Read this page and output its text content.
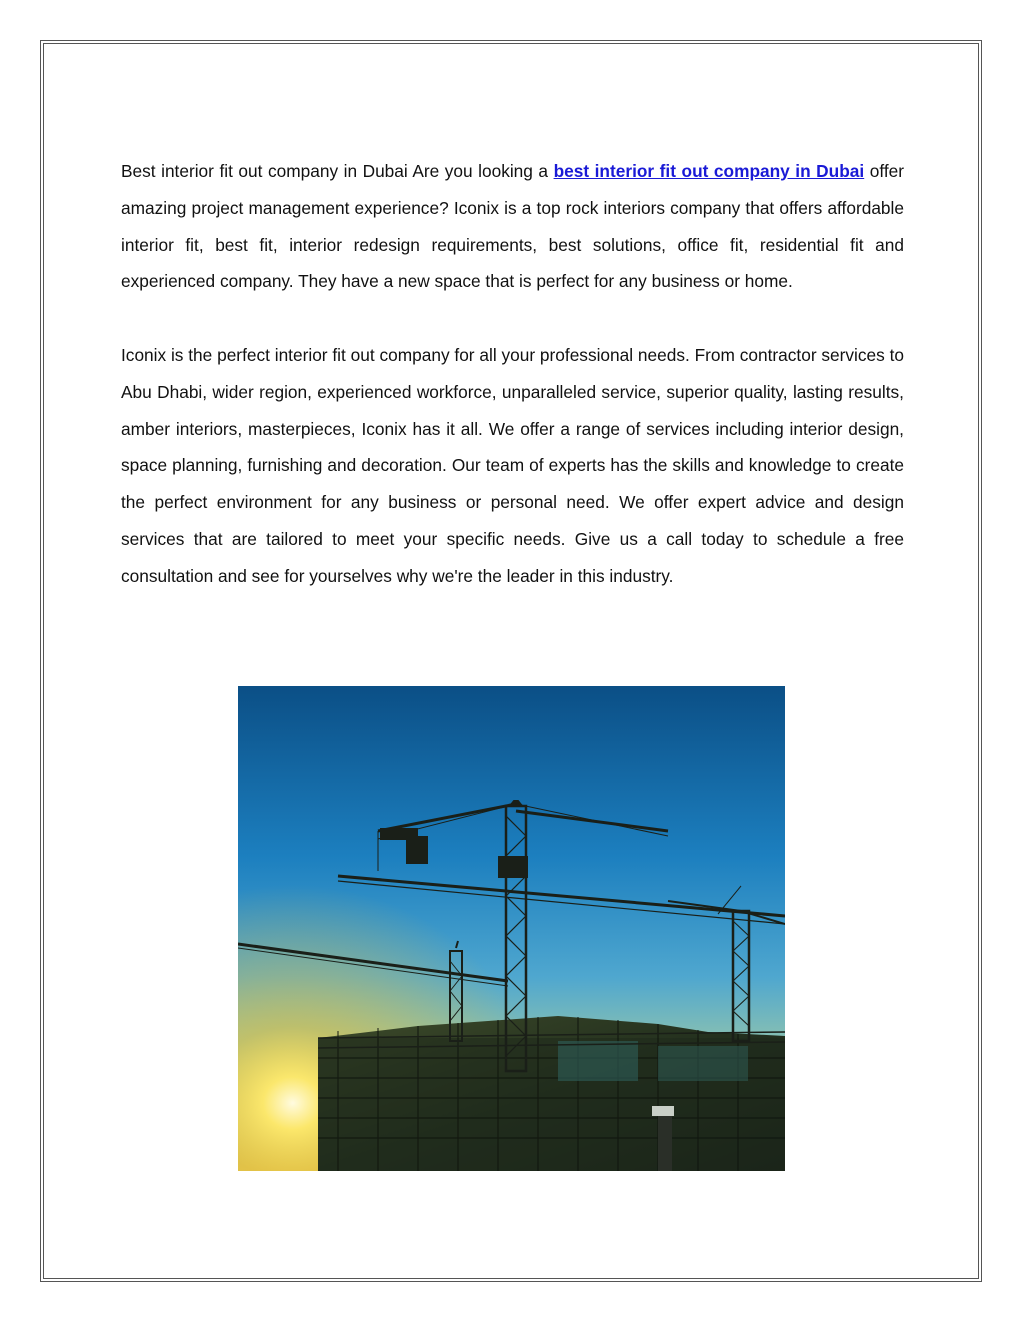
Best interior fit out company in Dubai Are you looking a best interior fit out company in Dubai offer amazing project management experience? Iconix is a top rock interiors company that offers affordable interior fit, best fit, interior redesign requirements, best solutions, office fit, residential fit and experienced company. They have a new space that is perfect for any business or home.

Iconix is the perfect interior fit out company for all your professional needs. From contractor services to Abu Dhabi, wider region, experienced workforce, unparalleled service, superior quality, lasting results, amber interiors, masterpieces, Iconix has it all. We offer a range of services including interior design, space planning, furnishing and decoration. Our team of experts has the skills and knowledge to create the perfect environment for any business or personal need. We offer expert advice and design services that are tailored to meet your specific needs. Give us a call today to schedule a free consultation and see for yourselves why we're the leader in this industry.
